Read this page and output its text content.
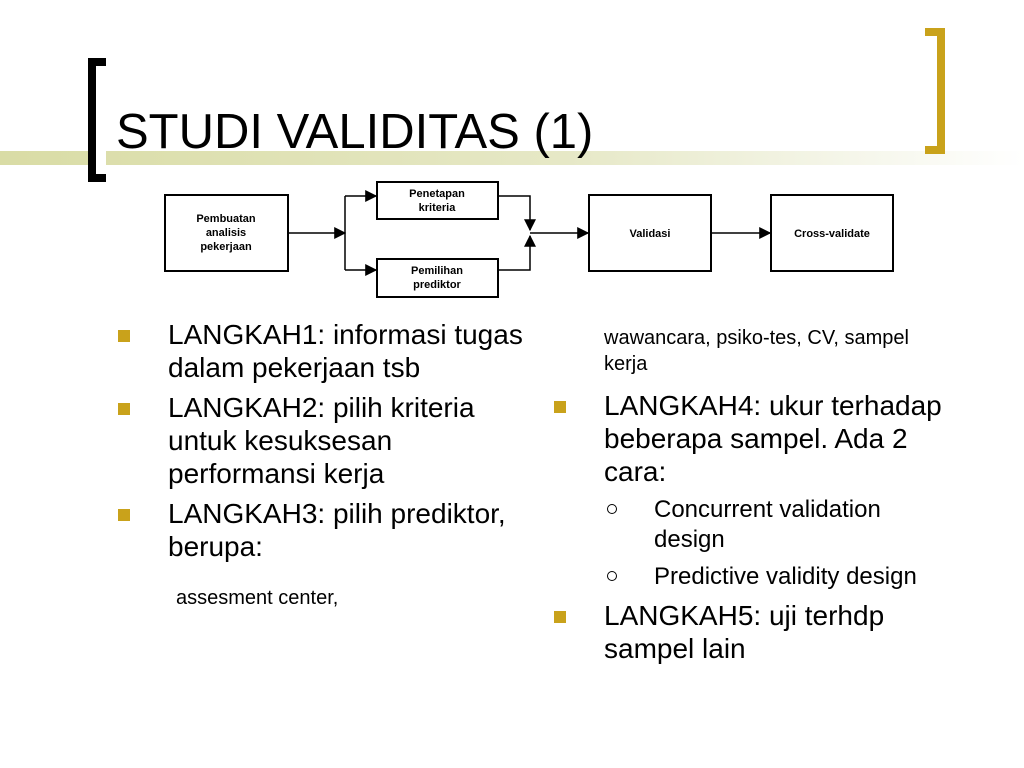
STUDI VALIDITAS (1)
Pembuatan
analisis
pekerjaan
Penetapan
kriteria
Pemilihan
prediktor
Validasi	Cross-validate
LANGKAH1: informasi tugas dalam pekerjaan tsb
LANGKAH2: pilih kriteria untuk kesuksesan performansi kerja
LANGKAH3: pilih prediktor, berupa:
assesment center,
wawancara, psiko-tes, CV, sampel kerja
LANGKAH4: ukur terhadap beberapa sampel. Ada 2 cara:
Concurrent validation design
Predictive validity design
LANGKAH5: uji terhdp sampel lain
